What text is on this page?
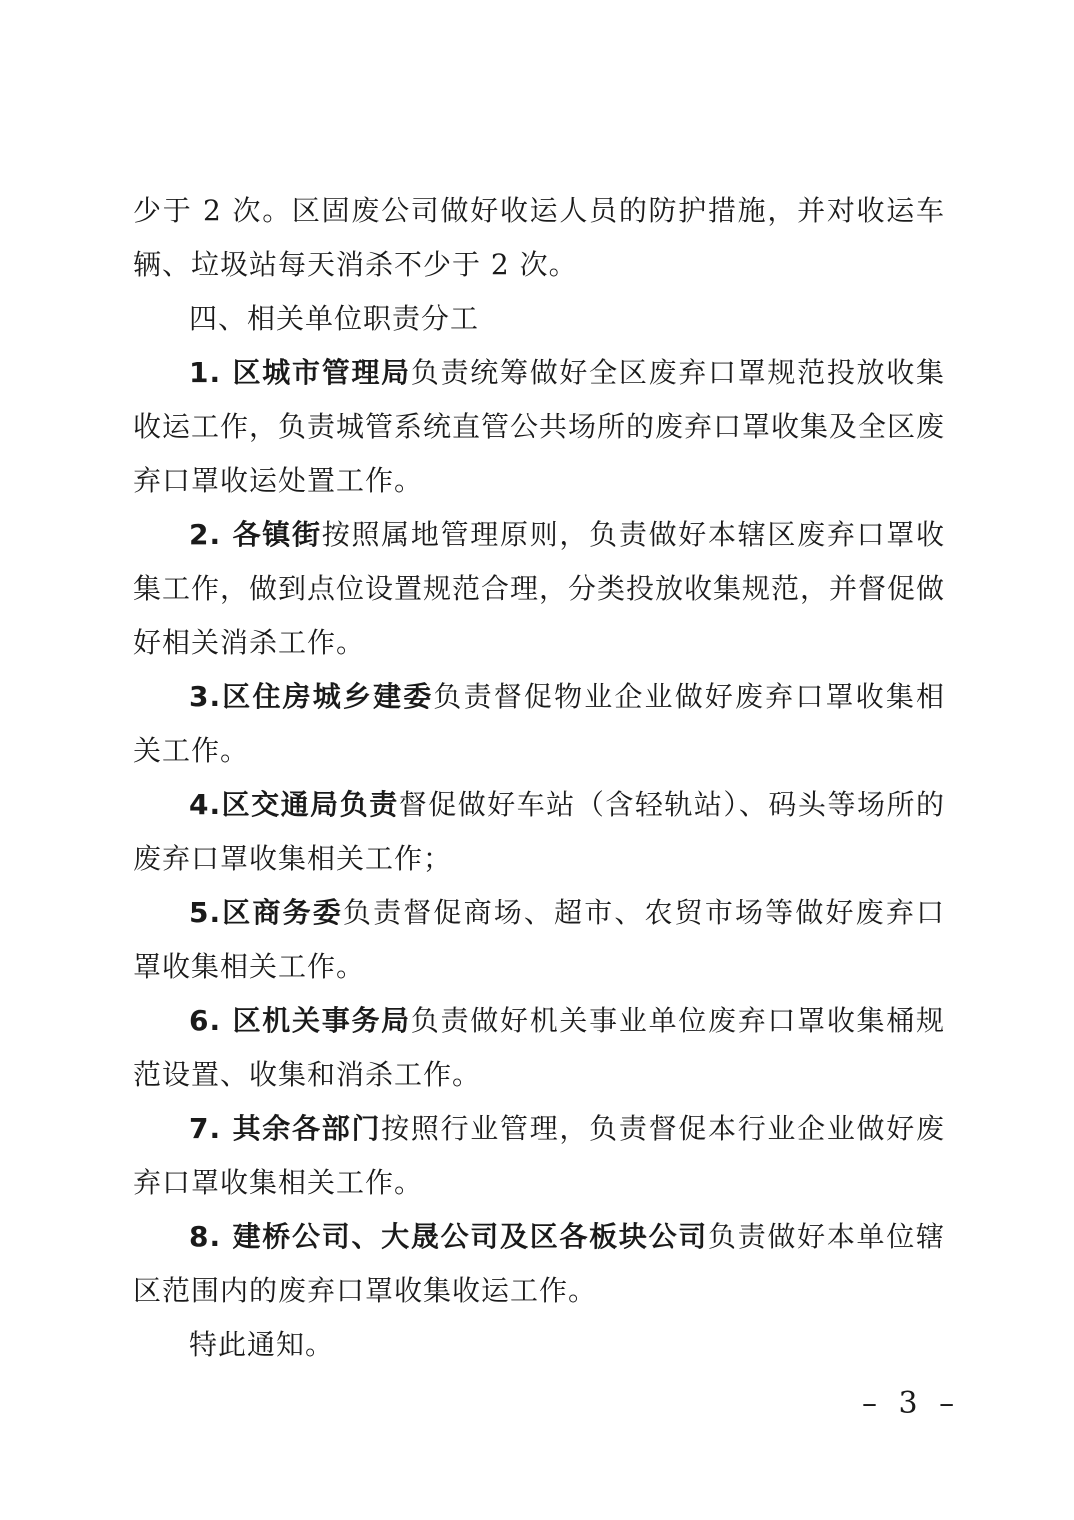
少于 2 次。区固废公司做好收运人员的防护措施，并对收运车辆、垃圾站每天消杀不少于 2 次。

四、相关单位职责分工

1. 区城市管理局负责统筹做好全区废弃口罩规范投放收集收运工作，负责城管系统直管公共场所的废弃口罩收集及全区废弃口罩收运处置工作。

2. 各镇街按照属地管理原则，负责做好本辖区废弃口罩收集工作，做到点位设置规范合理，分类投放收集规范，并督促做好相关消杀工作。

3.区住房城乡建委负责督促物业企业做好废弃口罩收集相关工作。

4.区交通局负责督促做好车站（含轻轨站）、码头等场所的废弃口罩收集相关工作；

5.区商务委负责督促商场、超市、农贸市场等做好废弃口罩收集相关工作。

6. 区机关事务局负责做好机关事业单位废弃口罩收集桶规范设置、收集和消杀工作。

7. 其余各部门按照行业管理，负责督促本行业企业做好废弃口罩收集相关工作。

8. 建桥公司、大晟公司及区各板块公司负责做好本单位辖区范围内的废弃口罩收集收运工作。

特此通知。

– 3 –
